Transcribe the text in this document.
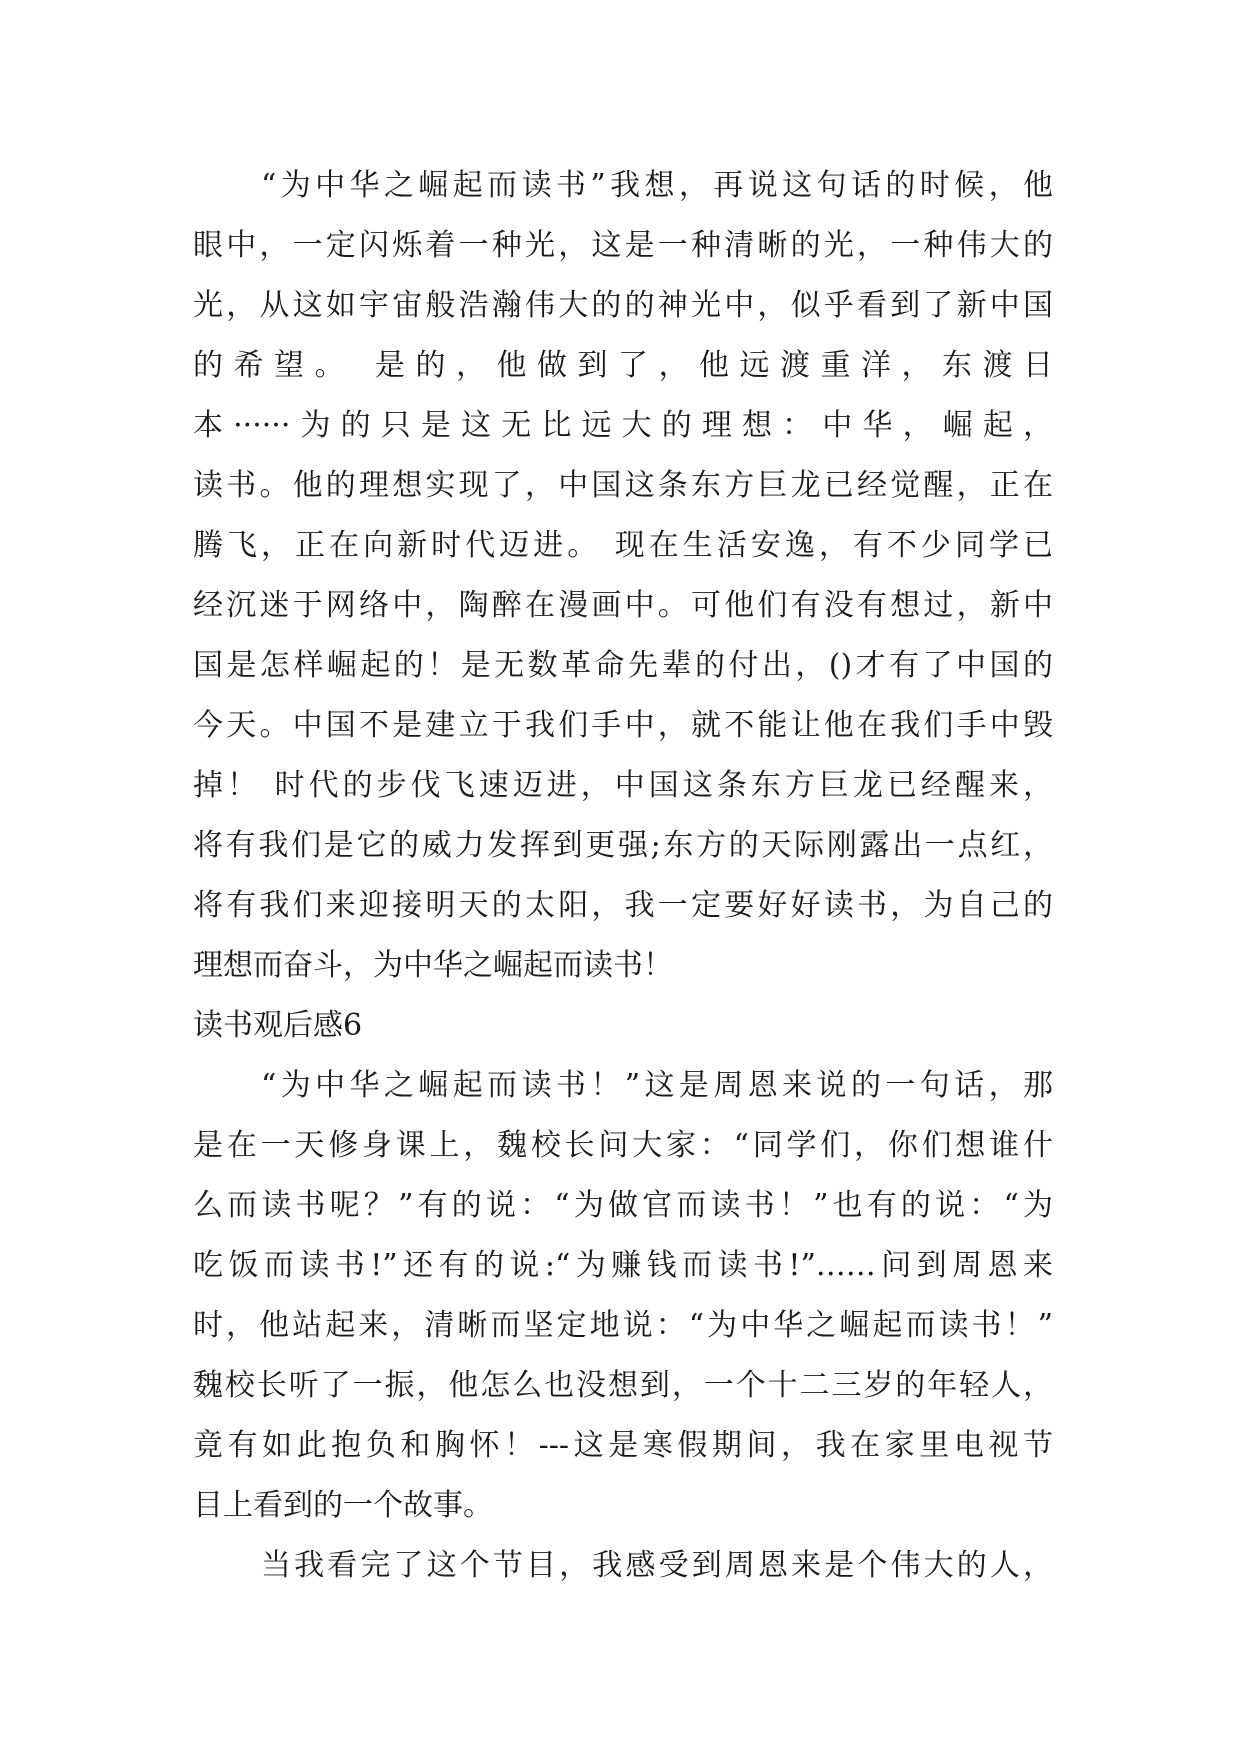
“为中华之崛起而读书”我想，再说这句话的时候，他
眼中，一定闪烁着一种光，这是一种清晰的光，一种伟大的
光，从这如宇宙般浩瀚伟大的的神光中，似乎看到了新中国
的希望。 是的，他做到了，他远渡重洋，东渡日
本······为的只是这无比远大的理想：中华，崛起，
读书。他的理想实现了，中国这条东方巨龙已经觉醒，正在
腾飞，正在向新时代迈进。 现在生活安逸，有不少同学已
经沉迷于网络中，陶醉在漫画中。可他们有没有想过，新中
国是怎样崛起的！是无数革命先辈的付出，()才有了中国的
今天。中国不是建立于我们手中，就不能让他在我们手中毁
掉！ 时代的步伐飞速迈进，中国这条东方巨龙已经醒来，
将有我们是它的威力发挥到更强;东方的天际刚露出一点红，
将有我们来迎接明天的太阳，我一定要好好读书，为自己的
理想而奋斗，为中华之崛起而读书！
读书观后感6
“为中华之崛起而读书！”这是周恩来说的一句话，那
是在一天修身课上，魏校长问大家：“同学们，你们想谁什
么而读书呢？”有的说：“为做官而读书！”也有的说：“为
吃饭而读书!”还有的说:“为赚钱而读书!”……问到周恩来
时，他站起来，清晰而坚定地说：“为中华之崛起而读书！”
魏校长听了一振，他怎么也没想到，一个十二三岁的年轻人，
竟有如此抱负和胸怀！---这是寒假期间，我在家里电视节
目上看到的一个故事。
当我看完了这个节目，我感受到周恩来是个伟大的人，
